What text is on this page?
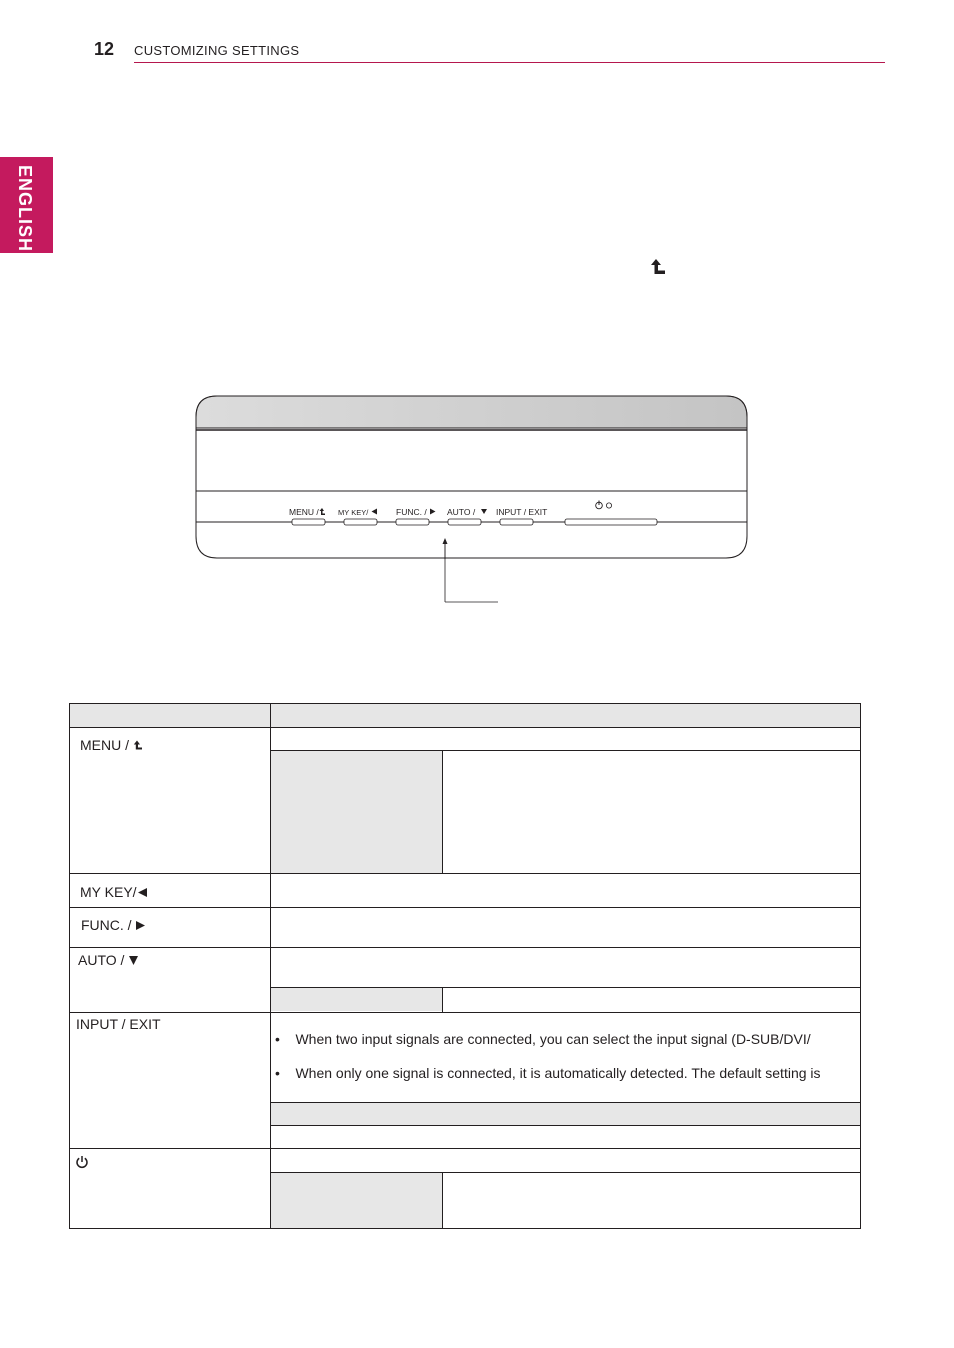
12 CUSTOMIZING SETTINGS
ENGLISH
MENU /	MY KEY/	FUNC. / AUTO / INPUT / EXIT
MENU /
MY KEY/
FUNC. /
AUTO /
INPUT / EXIT
•    When two input signals are connected, you can select the input signal (D-SUB/DVI/
•    When only one signal is connected, it is automatically detected. The default setting is
